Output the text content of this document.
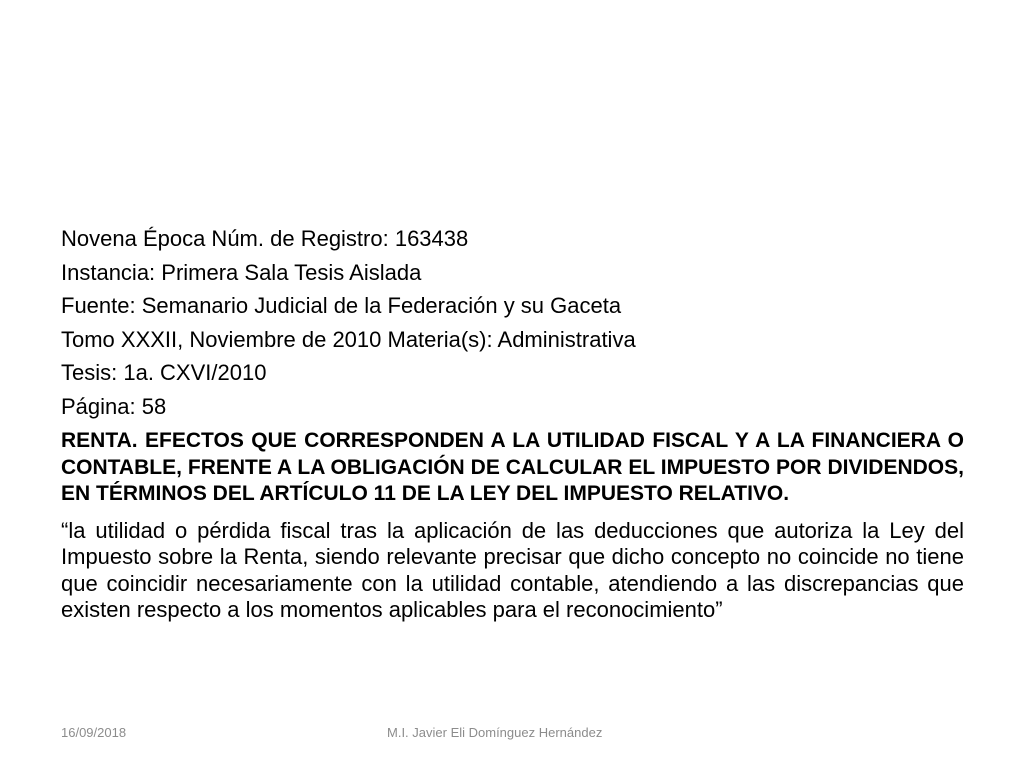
Novena Época Núm. de Registro: 163438
Instancia: Primera Sala Tesis Aislada
Fuente: Semanario Judicial de la Federación y su Gaceta
Tomo XXXII, Noviembre de 2010 Materia(s): Administrativa
Tesis: 1a. CXVI/2010
Página: 58
RENTA. EFECTOS QUE CORRESPONDEN A LA UTILIDAD FISCAL Y A LA FINANCIERA O CONTABLE, FRENTE A LA OBLIGACIÓN DE CALCULAR EL IMPUESTO POR DIVIDENDOS, EN TÉRMINOS DEL ARTÍCULO 11 DE LA LEY DEL IMPUESTO RELATIVO.
“la utilidad o pérdida fiscal tras la aplicación de las deducciones que autoriza la Ley del Impuesto sobre la Renta, siendo relevante precisar que dicho concepto no coincide no tiene que coincidir necesariamente con la utilidad contable, atendiendo a las discrepancias que existen respecto a los momentos aplicables para el reconocimiento”
16/09/2018	M.I. Javier Eli Domínguez Hernández
